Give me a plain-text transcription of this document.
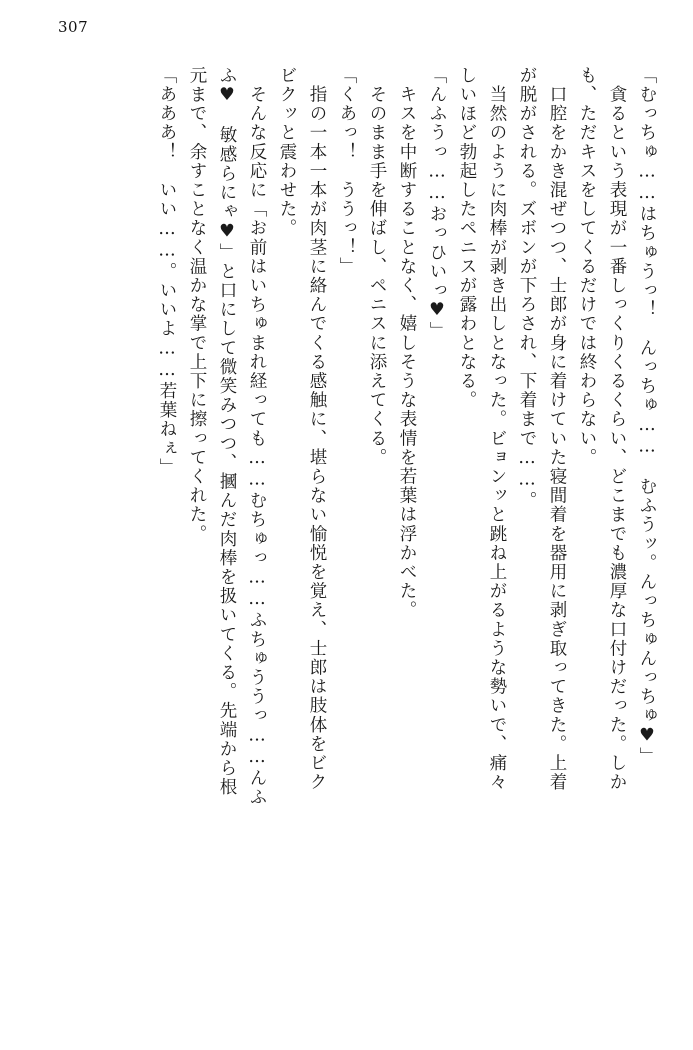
307
「むっちゅ……はちゅうっ！　んっちゅ……　むふうッ。んっちゅんっちゅ♥」
　貪るという表現が一番しっくりくるくらい、どこまでも濃厚な口付けだった。しか
も、ただキスをしてくるだけでは終わらない。
　口腔をかき混ぜつつ、士郎が身に着けていた寝間着を器用に剥ぎ取ってきた。上着
が脱がされる。ズボンが下ろされ、下着まで……。
　当然のように肉棒が剥き出しとなった。ビョンッと跳ね上がるような勢いで、痛々
しいほど勃起したペニスが露わとなる。
「んふうっ……おっひいっ♥」
　キスを中断することなく、嬉しそうな表情を若葉は浮かべた。
　そのまま手を伸ばし、ペニスに添えてくる。
「くあっ！　ううっ！」
　指の一本一本が肉茎に絡んでくる感触に、堪らない愉悦を覚え、士郎は肢体をビク
ビクッと震わせた。
　そんな反応に「お前はいちゅまれ経っても……むちゅっ……ふちゅううっ……んふ
ふ♥　敏感らにゃ♥」と口にして微笑みつつ、摑んだ肉棒を扱いてくる。先端から根
元まで、余すことなく温かな掌で上下に擦ってくれた。
「あああ！　いい……。いいよ……若葉ねぇ」
